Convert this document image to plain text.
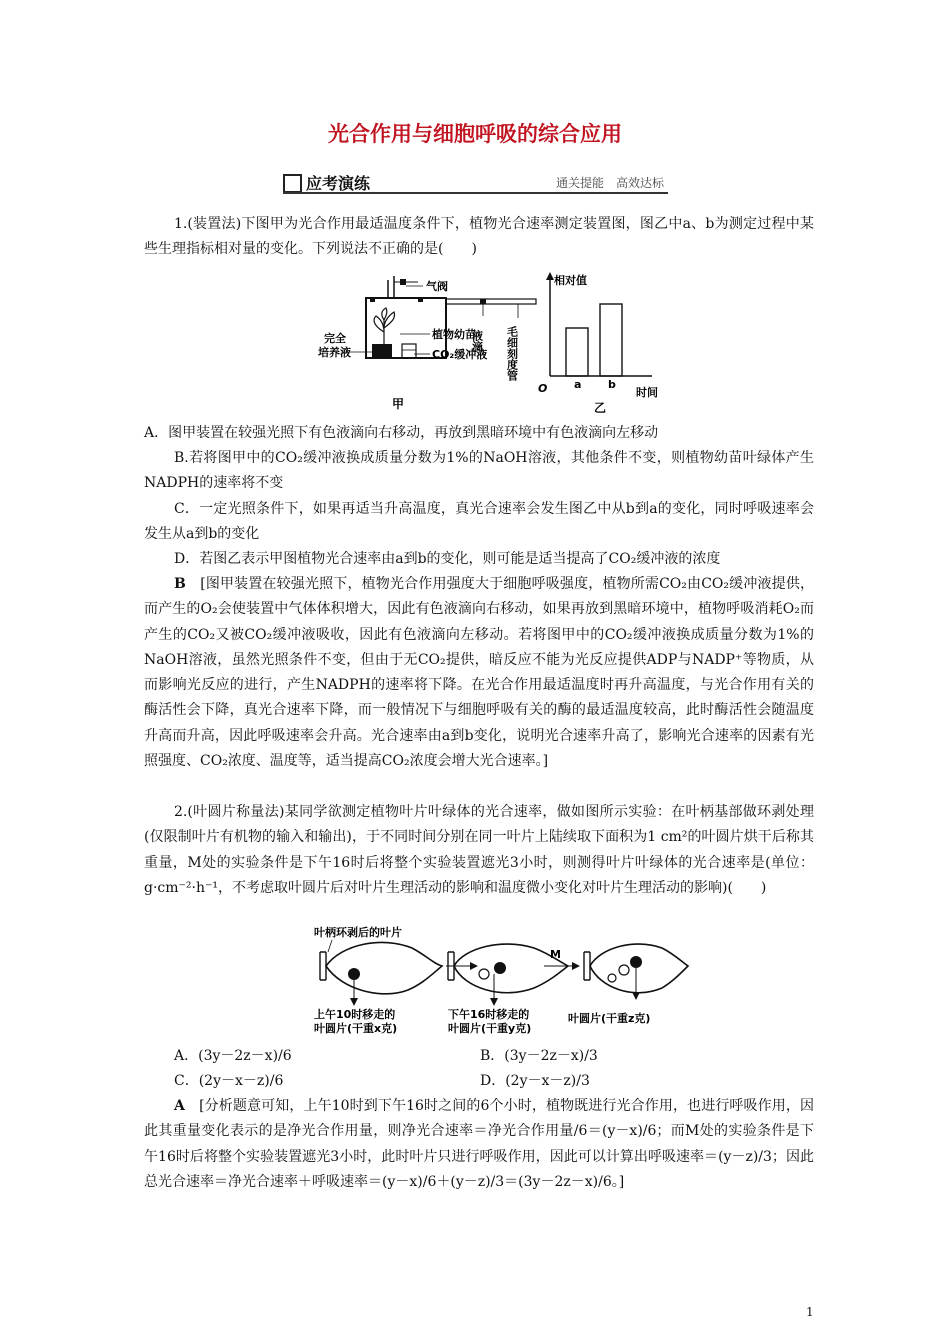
光合作用与细胞呼吸的综合应用
应考演练	通关提能　高效达标
1.(装置法)下图甲为光合作用最适温度条件下，植物光合速率测定装置图，图乙中a、b为测定过程中某些生理指标相对量的变化。下列说法不正确的是(　　)
气阀
植物幼苗
CO₂缓冲液
完全
培养液
液滴 毛细刻度管
甲
相对值
O	时间
a b
乙
A．图甲装置在较强光照下有色液滴向右移动，再放到黑暗环境中有色液滴向左移动
B.若将图甲中的CO₂缓冲液换成质量分数为1%的NaOH溶液，其他条件不变，则植物幼苗叶绿体产生NADPH的速率将不变
C．一定光照条件下，如果再适当升高温度，真光合速率会发生图乙中从b到a的变化，同时呼吸速率会发生从a到b的变化
D．若图乙表示甲图植物光合速率由a到b的变化，则可能是适当提高了CO₂缓冲液的浓度
B　 [图甲装置在较强光照下，植物光合作用强度大于细胞呼吸强度，植物所需CO₂由CO₂缓冲液提供，而产生的O₂会使装置中气体体积增大，因此有色液滴向右移动，如果再放到黑暗环境中，植物呼吸消耗O₂而产生的CO₂又被CO₂缓冲液吸收，因此有色液滴向左移动。若将图甲中的CO₂缓冲液换成质量分数为1%的NaOH溶液，虽然光照条件不变，但由于无CO₂提供，暗反应不能为光反应提供ADP与NADP⁺等物质，从而影响光反应的进行，产生NADPH的速率将下降。在光合作用最适温度时再升高温度，与光合作用有关的酶活性会下降，真光合速率下降，而一般情况下与细胞呼吸有关的酶的最适温度较高，此时酶活性会随温度升高而升高，因此呼吸速率会升高。光合速率由a到b变化，说明光合速率升高了，影响光合速率的因素有光照强度、CO₂浓度、温度等，适当提高CO₂浓度会增大光合速率。]
2.(叶圆片称量法)某同学欲测定植物叶片叶绿体的光合速率，做如图所示实验：在叶柄基部做环剥处理(仅限制叶片有机物的输入和输出)，于不同时间分别在同一叶片上陆续取下面积为1 cm²的叶圆片烘干后称其重量，M处的实验条件是下午16时后将整个实验装置遮光3小时，则测得叶片叶绿体的光合速率是(单位：g·cm⁻²·h⁻¹，不考虑取叶圆片后对叶片生理活动的影响和温度微小变化对叶片生理活动的影响)(　　)
叶柄环剥后的叶片
M
上午10时移走的
叶圆片(干重x克)
下午16时移走的
叶圆片(干重y克)
叶圆片(干重z克)
A．(3y－2z－x)/6	B．(3y－2z－x)/3
C．(2y－x－z)/6	D．(2y－x－z)/3
A　 [分析题意可知，上午10时到下午16时之间的6个小时，植物既进行光合作用，也进行呼吸作用，因此其重量变化表示的是净光合作用量，则净光合速率＝净光合作用量/6＝(y－x)/6；而M处的实验条件是下午16时后将整个实验装置遮光3小时，此时叶片只进行呼吸作用，因此可以计算出呼吸速率＝(y－z)/3；因此总光合速率＝净光合速率＋呼吸速率＝(y－x)/6＋(y－z)/3＝(3y－2z－x)/6。]
1
